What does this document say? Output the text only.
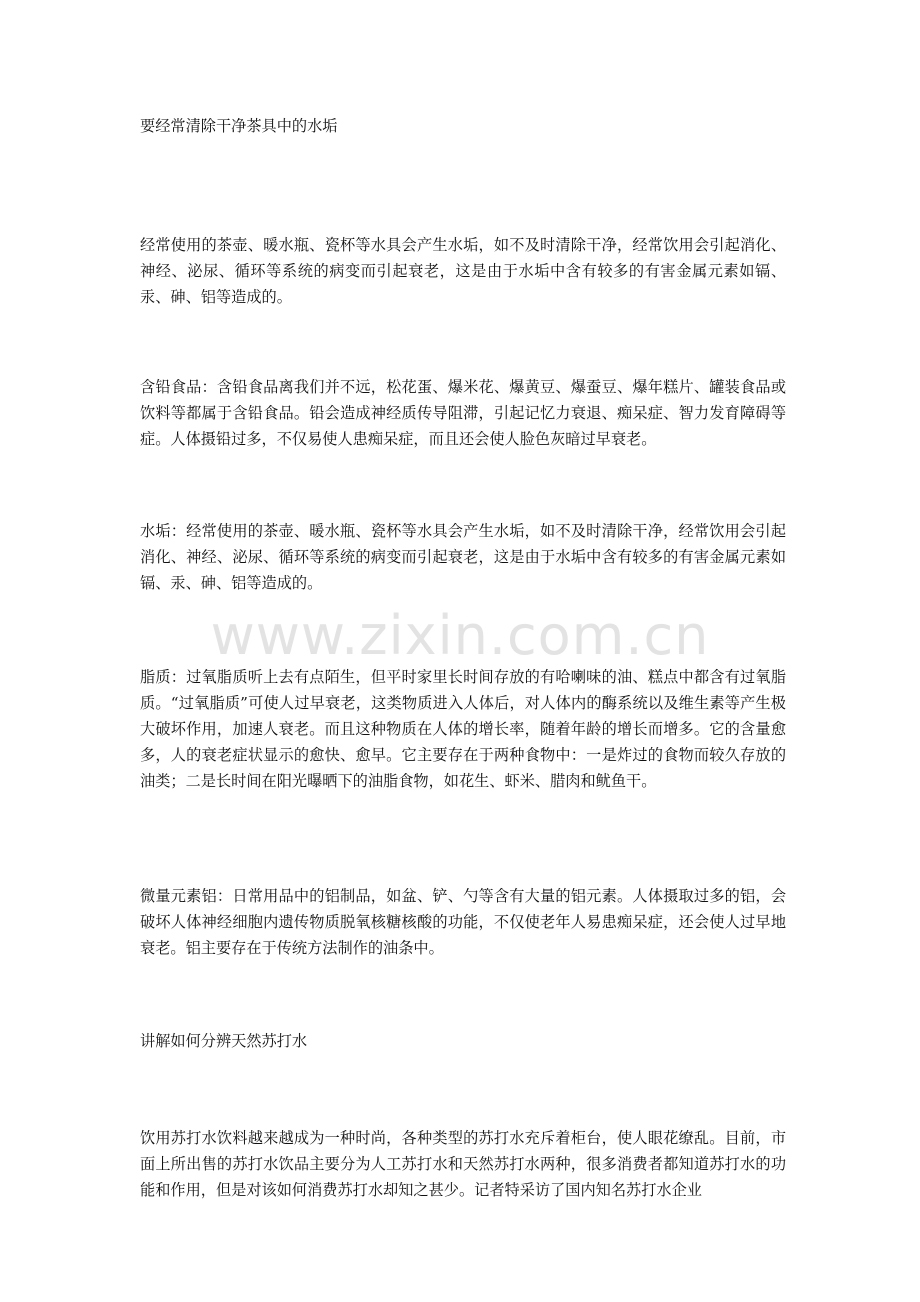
要经常清除干净茶具中的水垢

经常使用的茶壶、暖水瓶、瓷杯等水具会产生水垢，如不及时清除干净，经常饮用会引起消化、神经、泌尿、循环等系统的病变而引起衰老，这是由于水垢中含有较多的有害金属元素如镉、汞、砷、铝等造成的。

含铅食品：含铅食品离我们并不远，松花蛋、爆米花、爆黄豆、爆蚕豆、爆年糕片、罐装食品或饮料等都属于含铅食品。铅会造成神经质传导阻滞，引起记忆力衰退、痴呆症、智力发育障碍等症。人体摄铅过多，不仅易使人患痴呆症，而且还会使人脸色灰暗过早衰老。

水垢：经常使用的茶壶、暖水瓶、瓷杯等水具会产生水垢，如不及时清除干净，经常饮用会引起消化、神经、泌尿、循环等系统的病变而引起衰老，这是由于水垢中含有较多的有害金属元素如镉、汞、砷、铝等造成的。

www.zixin.com.cn

脂质：过氧脂质听上去有点陌生，但平时家里长时间存放的有哈喇味的油、糕点中都含有过氧脂质。“过氧脂质”可使人过早衰老，这类物质进入人体后，对人体内的酶系统以及维生素等产生极大破坏作用，加速人衰老。而且这种物质在人体的增长率，随着年龄的增长而增多。它的含量愈多，人的衰老症状显示的愈快、愈早。它主要存在于两种食物中：一是炸过的食物而较久存放的油类；二是长时间在阳光曝晒下的油脂食物，如花生、虾米、腊肉和鱿鱼干。

微量元素铝：日常用品中的铝制品，如盆、铲、勺等含有大量的铝元素。人体摄取过多的铝，会破坏人体神经细胞内遗传物质脱氧核糖核酸的功能，不仅使老年人易患痴呆症，还会使人过早地衰老。铝主要存在于传统方法制作的油条中。

讲解如何分辨天然苏打水

饮用苏打水饮料越来越成为一种时尚，各种类型的苏打水充斥着柜台，使人眼花缭乱。目前，市面上所出售的苏打水饮品主要分为人工苏打水和天然苏打水两种，很多消费者都知道苏打水的功能和作用，但是对该如何消费苏打水却知之甚少。记者特采访了国内知名苏打水企业
